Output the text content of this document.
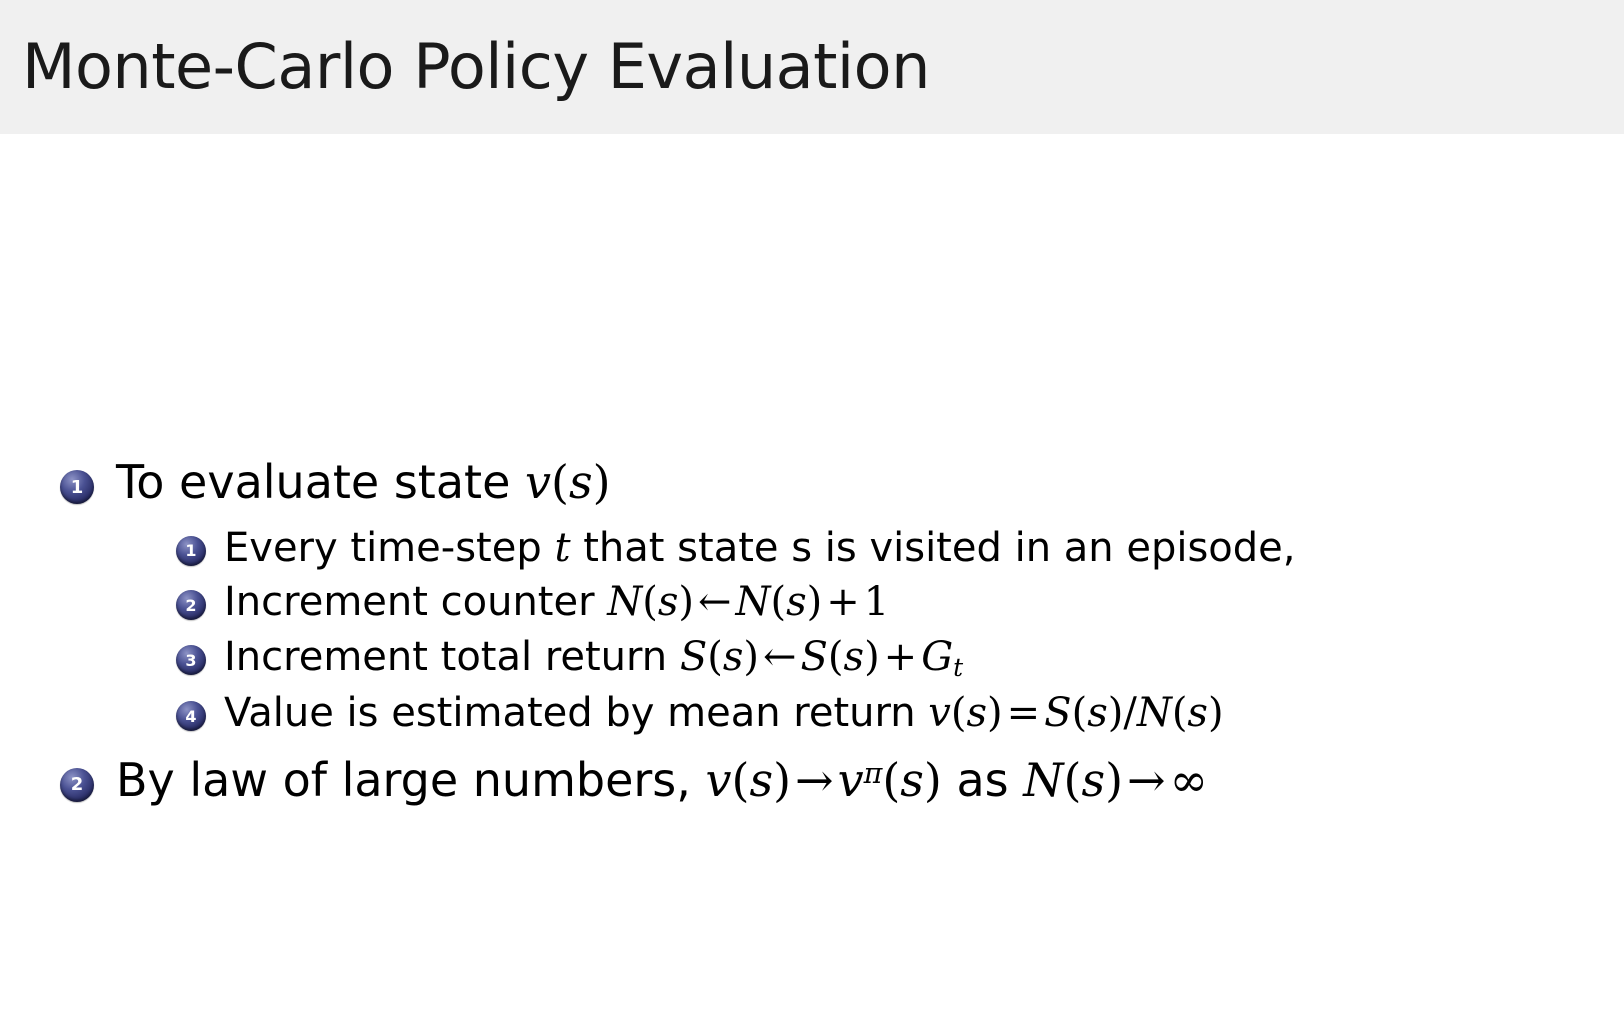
Monte-Carlo Policy Evaluation
1 To evaluate state v(s)
1 Every time-step t that state s is visited in an episode,
2 Increment counter N(s) ← N(s) + 1
3 Increment total return S(s) ← $S(s) + G_t$
4 Value is estimated by mean return v(s) = S(s)/N(s)
2 By law of large numbers, $v(s)\to v^\pi(s)$ as N(s)→∞
